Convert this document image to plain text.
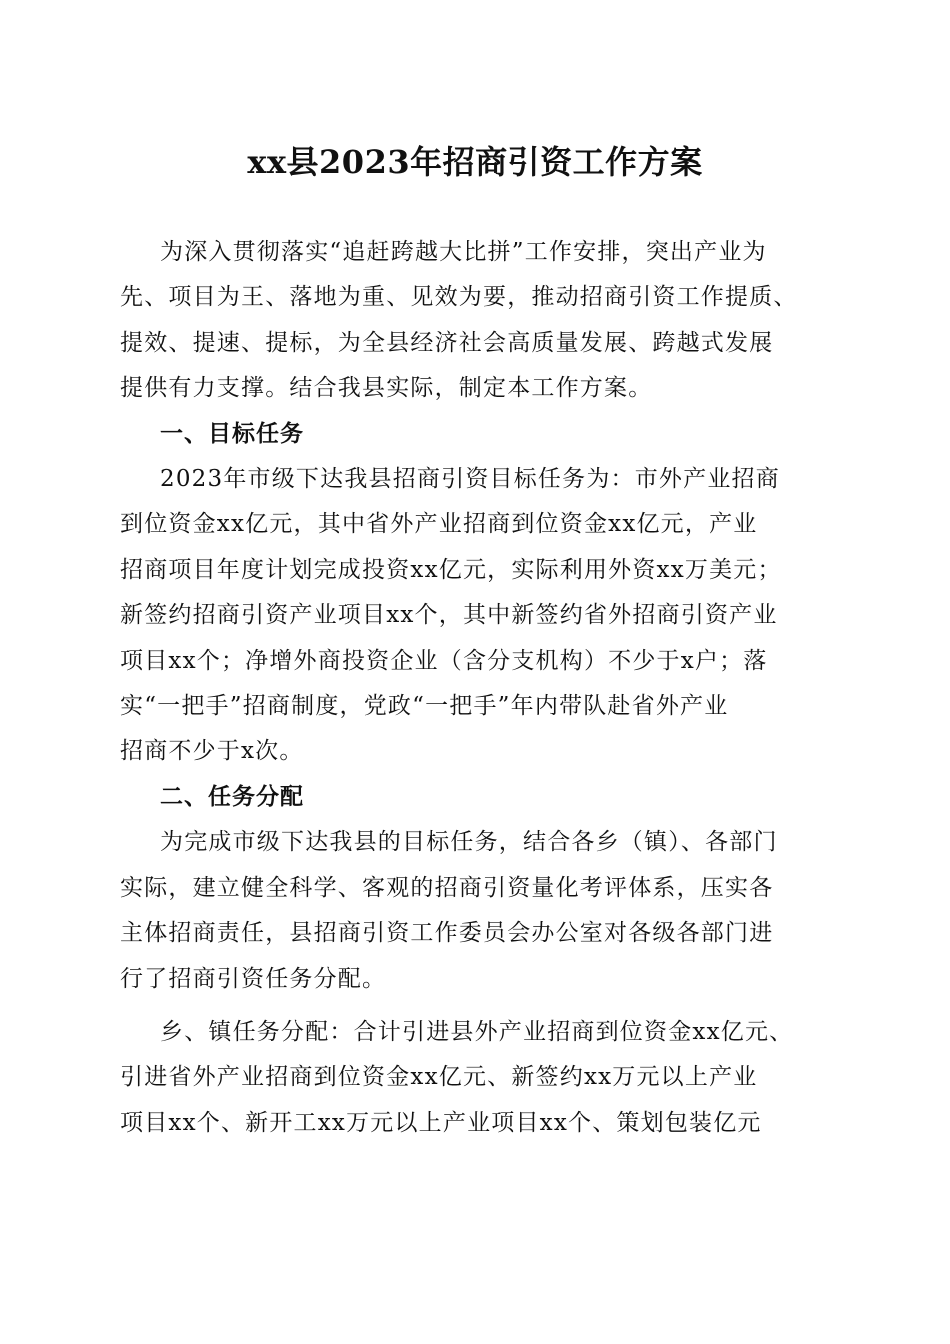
xx县2023年招商引资工作方案

为深入贯彻落实“追赶跨越大比拼”工作安排，突出产业为
先、项目为王、落地为重、见效为要，推动招商引资工作提质、
提效、提速、提标，为全县经济社会高质量发展、跨越式发展
提供有力支撑。结合我县实际，制定本工作方案。

一、目标任务

2023年市级下达我县招商引资目标任务为：市外产业招商
到位资金xx亿元，其中省外产业招商到位资金xx亿元，产业
招商项目年度计划完成投资xx亿元，实际利用外资xx万美元；
新签约招商引资产业项目xx个，其中新签约省外招商引资产业
项目xx个；净增外商投资企业（含分支机构）不少于x户；落
实“一把手”招商制度，党政“一把手”年内带队赴省外产业
招商不少于x次。

二、任务分配

为完成市级下达我县的目标任务，结合各乡（镇）、各部门
实际，建立健全科学、客观的招商引资量化考评体系，压实各
主体招商责任，县招商引资工作委员会办公室对各级各部门进
行了招商引资任务分配。

乡、镇任务分配：合计引进县外产业招商到位资金xx亿元、
引进省外产业招商到位资金xx亿元、新签约xx万元以上产业
项目xx个、新开工xx万元以上产业项目xx个、策划包装亿元
